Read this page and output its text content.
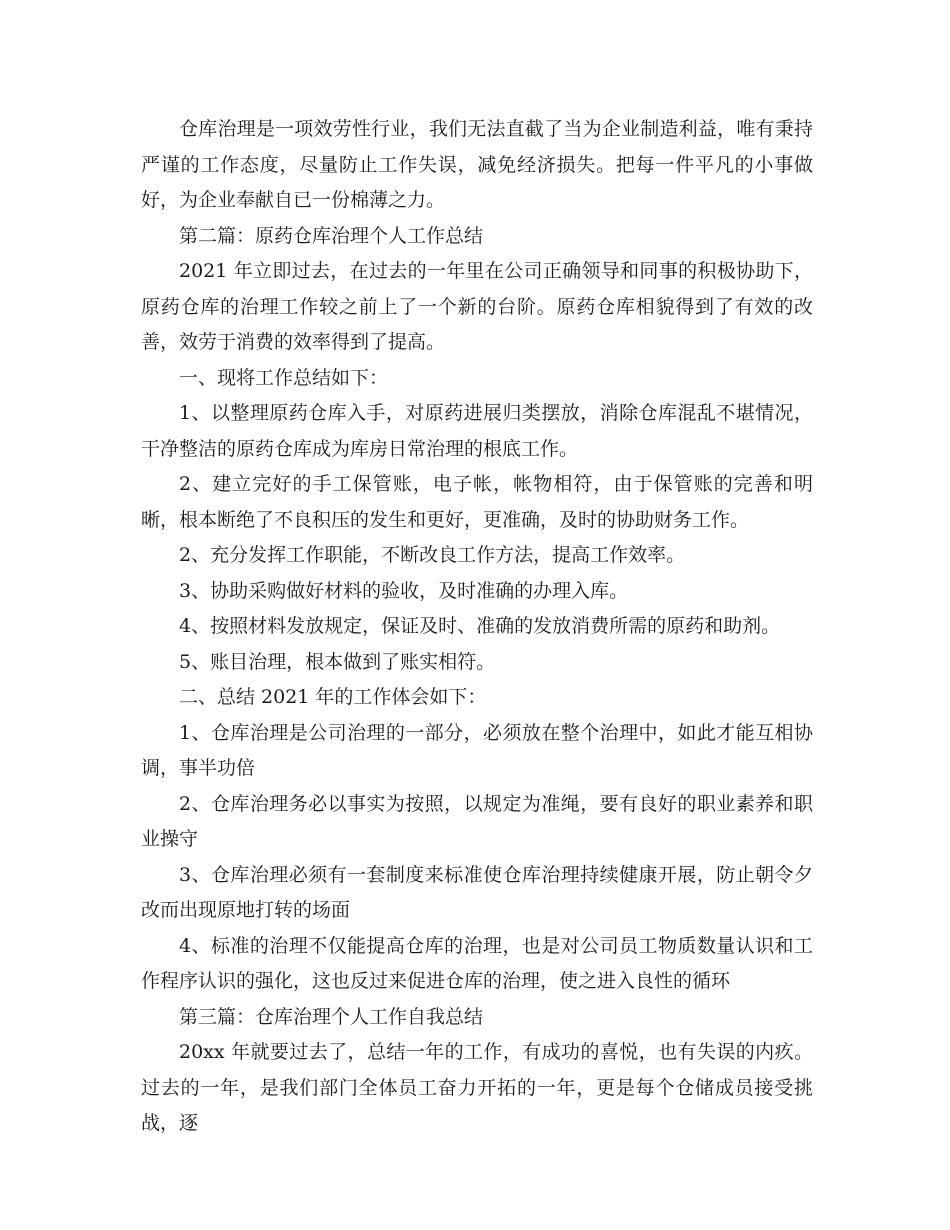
仓库治理是一项效劳性行业，我们无法直截了当为企业制造利益，唯有秉持严谨的工作态度，尽量防止工作失误，减免经济损失。把每一件平凡的小事做好，为企业奉献自已一份棉薄之力。

第二篇：原药仓库治理个人工作总结

2021 年立即过去，在过去的一年里在公司正确领导和同事的积极协助下，原药仓库的治理工作较之前上了一个新的台阶。原药仓库相貌得到了有效的改善，效劳于消费的效率得到了提高。

一、现将工作总结如下：

1、以整理原药仓库入手，对原药进展归类摆放，消除仓库混乱不堪情况，干净整洁的原药仓库成为库房日常治理的根底工作。

2、建立完好的手工保管账，电子帐，帐物相符，由于保管账的完善和明晰，根本断绝了不良积压的发生和更好，更准确，及时的协助财务工作。

2、充分发挥工作职能，不断改良工作方法，提高工作效率。

3、协助采购做好材料的验收，及时准确的办理入库。

4、按照材料发放规定，保证及时、准确的发放消费所需的原药和助剂。

5、账目治理，根本做到了账实相符。

二、总结 2021 年的工作体会如下：

1、仓库治理是公司治理的一部分，必须放在整个治理中，如此才能互相协调，事半功倍

2、仓库治理务必以事实为按照，以规定为准绳，要有良好的职业素养和职业操守

3、仓库治理必须有一套制度来标准使仓库治理持续健康开展，防止朝令夕改而出现原地打转的场面

4、标准的治理不仅能提高仓库的治理，也是对公司员工物质数量认识和工作程序认识的强化，这也反过来促进仓库的治理，使之进入良性的循环

第三篇：仓库治理个人工作自我总结

20xx 年就要过去了，总结一年的工作，有成功的喜悦，也有失误的内疚。过去的一年，是我们部门全体员工奋力开拓的一年，更是每个仓储成员接受挑战，逐
